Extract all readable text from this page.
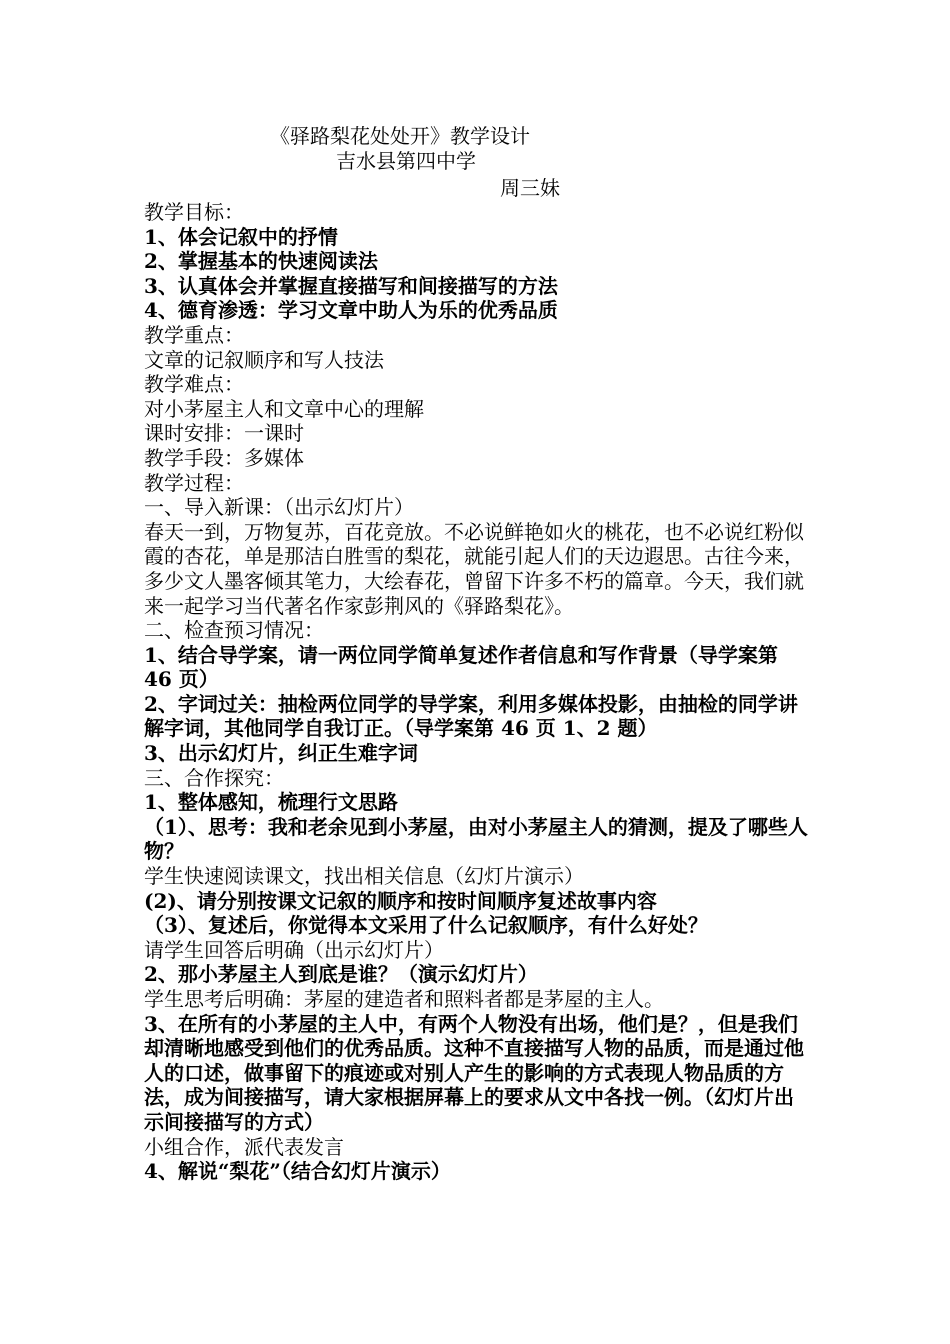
《驿路梨花处处开》教学设计
吉水县第四中学
周三妹

教学目标：

1、体会记叙中的抒情

2、掌握基本的快速阅读法

3、认真体会并掌握直接描写和间接描写的方法

4、德育渗透：学习文章中助人为乐的优秀品质

教学重点：

文章的记叙顺序和写人技法

教学难点：

对小茅屋主人和文章中心的理解

课时安排：一课时

教学手段：多媒体

教学过程：

一、导入新课：（出示幻灯片）

春天一到，万物复苏，百花竞放。不必说鲜艳如火的桃花，也不必说红粉似霞的杏花，单是那洁白胜雪的梨花，就能引起人们的天边遐思。古往今来，多少文人墨客倾其笔力，大绘春花，曾留下许多不朽的篇章。今天，我们就来一起学习当代著名作家彭荆风的《驿路梨花》。

二、检查预习情况：

1、结合导学案，请一两位同学简单复述作者信息和写作背景（导学案第 46 页）

2、字词过关：抽检两位同学的导学案，利用多媒体投影，由抽检的同学讲解字词，其他同学自我订正。（导学案第 46 页 1、2 题）

3、出示幻灯片，纠正生难字词

三、合作探究：

1、整体感知，梳理行文思路

（1）、思考：我和老余见到小茅屋，由对小茅屋主人的猜测，提及了哪些人物？

学生快速阅读课文，找出相关信息（幻灯片演示）

(2)、请分别按课文记叙的顺序和按时间顺序复述故事内容

（3）、复述后，你觉得本文采用了什么记叙顺序，有什么好处？

请学生回答后明确（出示幻灯片）

2、那小茅屋主人到底是谁？（演示幻灯片）

学生思考后明确：茅屋的建造者和照料者都是茅屋的主人。

3、在所有的小茅屋的主人中，有两个人物没有出场，他们是？，但是我们却清晰地感受到他们的优秀品质。这种不直接描写人物的品质，而是通过他人的口述，做事留下的痕迹或对别人产生的影响的方式表现人物品质的方法，成为间接描写，请大家根据屏幕上的要求从文中各找一例。（幻灯片出示间接描写的方式）

小组合作，派代表发言

4、解说“梨花”（结合幻灯片演示）
